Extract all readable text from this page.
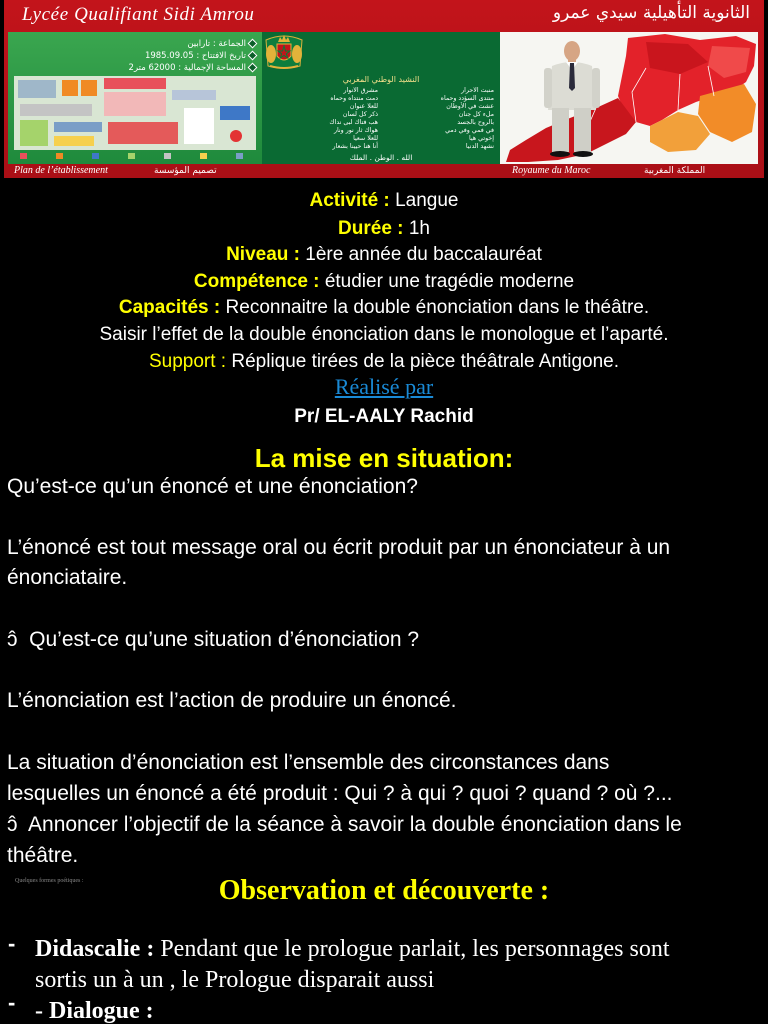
Lycée Qualifiant Sidi Amrou	الثانوية التأهيلية سيدي عمرو
الجماعة : تارابين
تاريخ الافتتاح : 1985.09.05
المساحة الإجمالية : 62000 متر2
النشيد الوطني المغربي
منبت الأحرار
منتدى السؤدد وحماه
عشت في الأوطان
ملء كل جنان
بالروح بالجسد
في فمي وفي دمي
إخوتي هيا
نشهد الدنيا
مشرق الأنوار
دمت منتداه وحماه
للعلا عنوان
ذكر كل لسان
هب فتاك لبى نداك
هواك ثار نور ونار
للعلا سعيا
أنا هنا حيينا بشعار
الله . الوطن . الملك
Plan de l’établissement	تصميم المؤسسة	Royaume du Maroc	المملكة المغربية
Activité : Langue
Durée : 1h
Niveau : 1ère année du baccalauréat
Compétence : étudier une tragédie moderne
Capacités : Reconnaitre la double énonciation dans le théâtre.
Saisir l’effet de la double énonciation dans le monologue et l’aparté.
Support : Réplique tirées de la pièce théâtrale Antigone.
Réalisé par
Pr/ EL-AALY Rachid
La mise en situation:
Qu’est-ce qu’un énoncé et une énonciation?
L’énoncé est tout message oral ou écrit produit par un énonciateur à un
énonciataire.
ɔ̂  Qu’est-ce qu’une situation d’énonciation ?
L’énonciation est l’action de produire un énoncé.
La situation d’énonciation est l’ensemble des circonstances dans
lesquelles un énoncé a été produit : Qui ? à qui ? quoi ? quand ? où ?...
ɔ̂  Annoncer l’objectif de la séance à savoir la double énonciation dans le
théâtre.
Quelques formes poétiques :	Observation et découverte :
- Didascalie : Pendant que le prologue parlait, les personnages sont
sortis un à un , le Prologue disparait aussi
- - Dialogue :
